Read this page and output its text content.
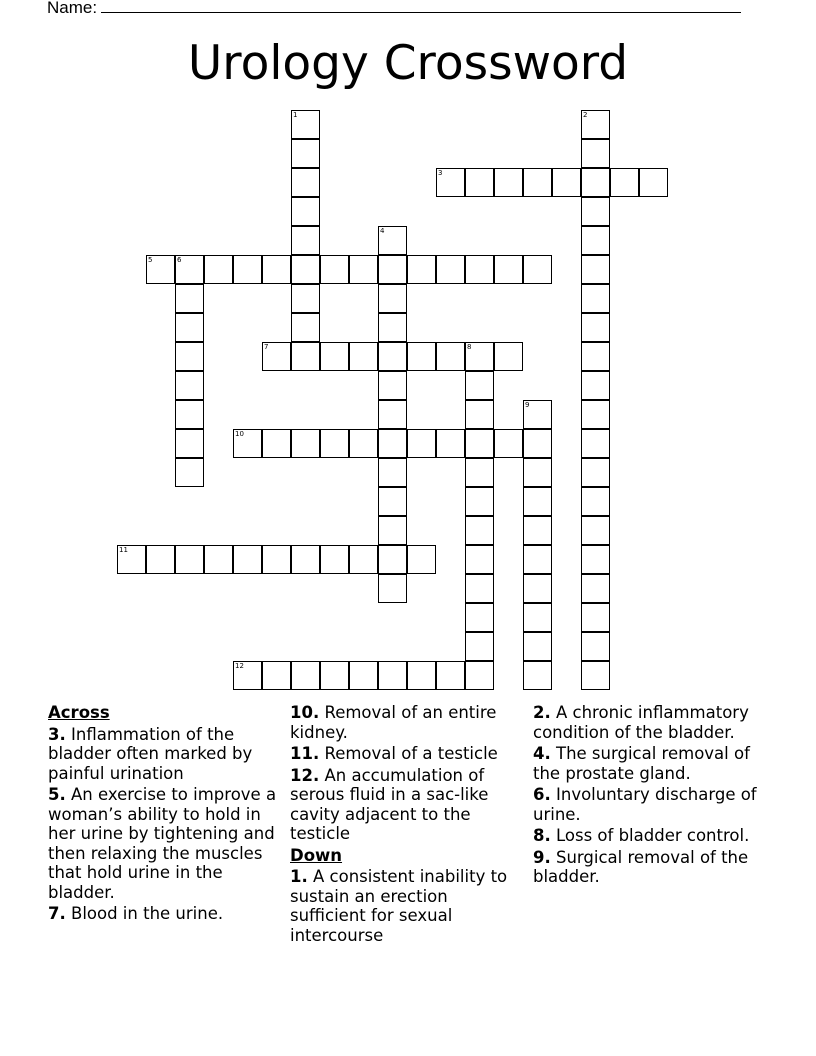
Name:
Urology Crossword
1	2
3
4
5	6
7	8
9
10
11
12
Across
3. Inflammation of the bladder often marked by painful urination
5. An exercise to improve a woman’s ability to hold in her urine by tightening and then relaxing the muscles that hold urine in the bladder.
7. Blood in the urine.
10. Removal of an entire kidney.
11. Removal of a testicle
12. An accumulation of serous fluid in a sac-like cavity adjacent to the testicle
Down
1. A consistent inability to sustain an erection sufficient for sexual intercourse
2. A chronic inflammatory condition of the bladder.
4. The surgical removal of the prostate gland.
6. Involuntary discharge of urine.
8. Loss of bladder control.
9. Surgical removal of the bladder.
